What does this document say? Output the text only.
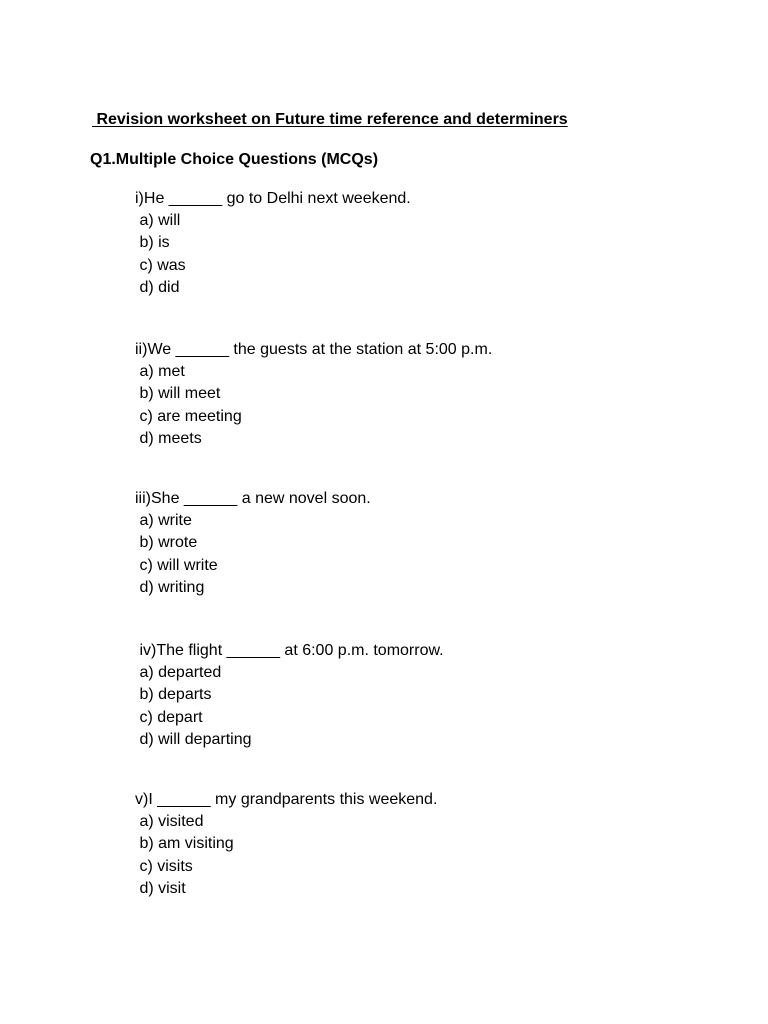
Revision worksheet on Future time reference and determiners
Q1.Multiple Choice Questions (MCQs)

i)He ______ go to Delhi next weekend.

a) will
b) is
c) was
d) did

ii)We ______ the guests at the station at 5:00 p.m.

a) met
b) will meet
c) are meeting
d) meets

iii)She ______ a new novel soon.

a) write
b) wrote
c) will write
d) writing

iv)The flight ______ at 6:00 p.m. tomorrow.

a) departed
b) departs
c) depart
d) will departing

v)I ______ my grandparents this weekend.

a) visited
b) am visiting
c) visits
d) visit
